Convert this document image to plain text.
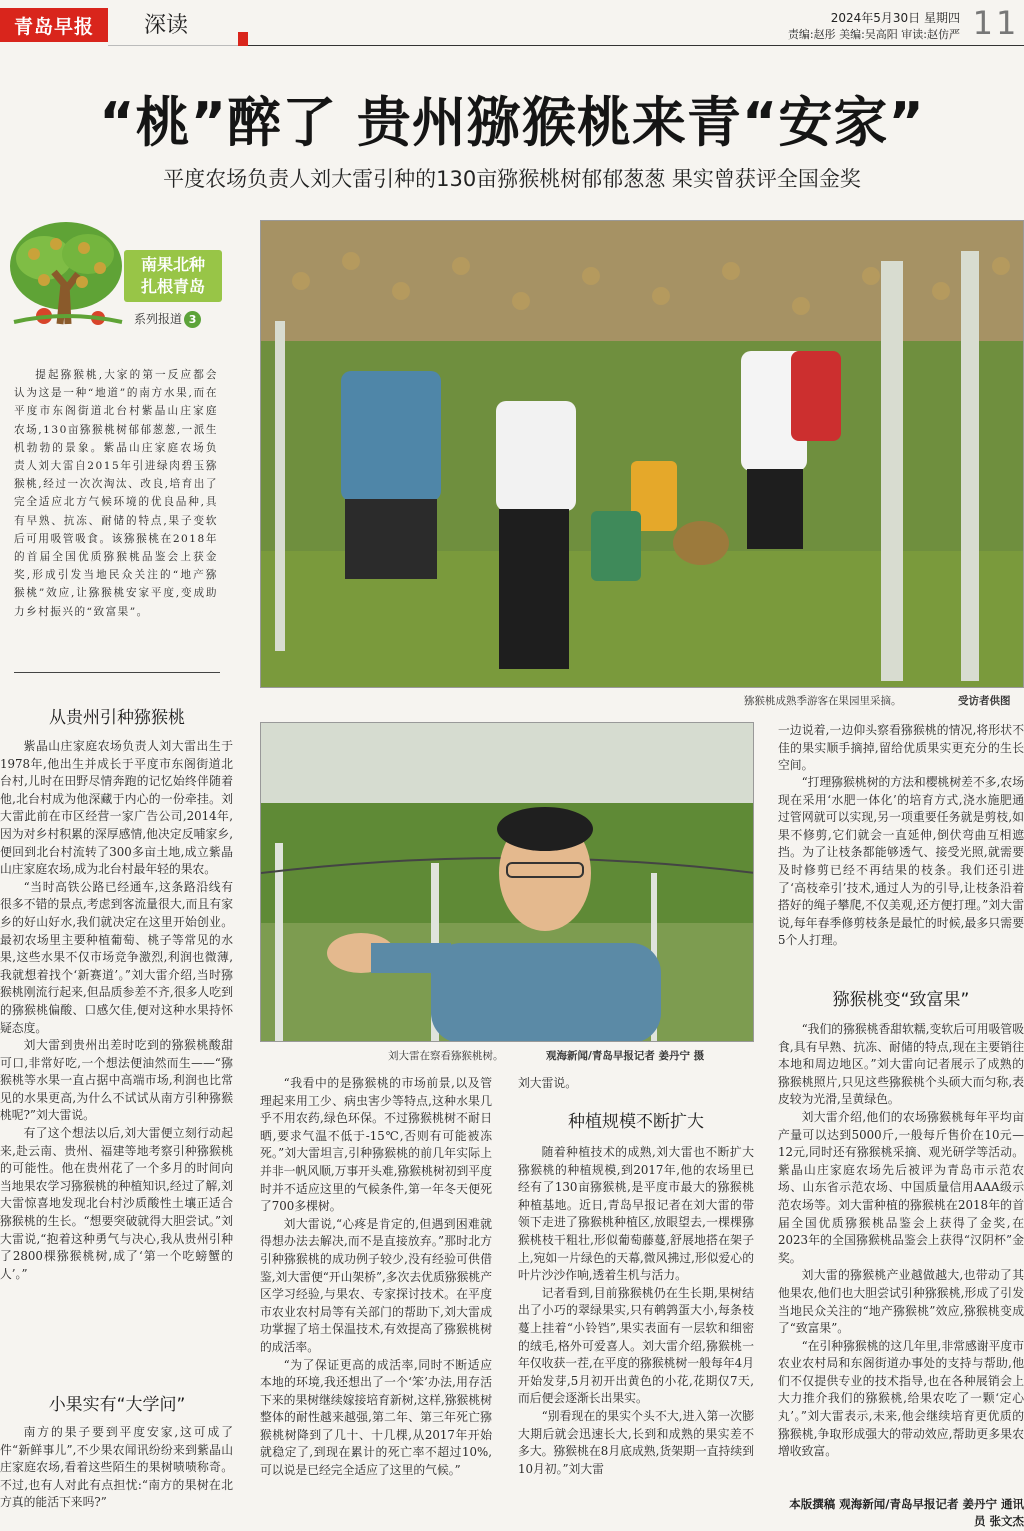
青岛早报	深读	2024年5月30日 星期四
责编:赵彤 美编:吴高阳 审读:赵仿严 11
“桃”醉了 贵州猕猴桃来青“安家”
平度农场负责人刘大雷引种的130亩猕猴桃树郁郁葱葱 果实曾获评全国金奖
南果北种
扎根青岛
系列报道 3
提起猕猴桃,大家的第一反应都会认为这是一种“地道”的南方水果,而在平度市东阁街道北台村紫晶山庄家庭农场,130亩猕猴桃树郁郁葱葱,一派生机勃勃的景象。紫晶山庄家庭农场负责人刘大雷自2015年引进绿肉碧玉猕猴桃,经过一次次淘汰、改良,培育出了完全适应北方气候环境的优良品种,具有早熟、抗冻、耐储的特点,果子变软后可用吸管吸食。该猕猴桃在2018年的首届全国优质猕猴桃品鉴会上获金奖,形成引发当地民众关注的“地产猕猴桃”效应,让猕猴桃安家平度,变成助力乡村振兴的“致富果”。
猕猴桃成熟季游客在果园里采摘。	受访者供图
刘大雷在察看猕猴桃树。	观海新闻/青岛早报记者 姜丹宁 摄
从贵州引种猕猴桃

紫晶山庄家庭农场负责人刘大雷出生于1978年,他出生并成长于平度市东阁街道北台村,儿时在田野尽情奔跑的记忆始终伴随着他,北台村成为他深藏于内心的一份牵挂。刘大雷此前在市区经营一家广告公司,2014年,因为对乡村积累的深厚感情,他决定反哺家乡,便回到北台村流转了300多亩土地,成立紫晶山庄家庭农场,成为北台村最年轻的果农。

“当时高铁公路已经通车,这条路沿线有很多不错的景点,考虑到客流量很大,而且有家乡的好山好水,我们就决定在这里开始创业。最初农场里主要种植葡萄、桃子等常见的水果,这些水果不仅市场竞争激烈,利润也微薄,我就想着找个‘新赛道’。”刘大雷介绍,当时猕猴桃刚流行起来,但品质参差不齐,很多人吃到的猕猴桃偏酸、口感欠佳,便对这种水果持怀疑态度。

刘大雷到贵州出差时吃到的猕猴桃酸甜可口,非常好吃,一个想法便油然而生——“猕猴桃等水果一直占据中高端市场,利润也比常见的水果更高,为什么不试试从南方引种猕猴桃呢?”刘大雷说。

有了这个想法以后,刘大雷便立刻行动起来,赴云南、贵州、福建等地考察引种猕猴桃的可能性。他在贵州花了一个多月的时间向当地果农学习猕猴桃的种植知识,经过了解,刘大雷惊喜地发现北台村沙质酸性土壤正适合猕猴桃的生长。“想要突破就得大胆尝试。”刘大雷说,“抱着这种勇气与决心,我从贵州引种了2800棵猕猴桃树,成了‘第一个吃螃蟹的人’。”

小果实有“大学问”

南方的果子要到平度安家,这可成了件“新鲜事儿”,不少果农闻讯纷纷来到紫晶山庄家庭农场,看着这些陌生的果树啧啧称奇。不过,也有人对此有点担忧:“南方的果树在北方真的能活下来吗?”

“我看中的是猕猴桃的市场前景,以及管理起来用工少、病虫害少等特点,这种水果几乎不用农药,绿色环保。不过猕猴桃树不耐日晒,要求气温不低于-15℃,否则有可能被冻死。”刘大雷坦言,引种猕猴桃的前几年实际上并非一帆风顺,万事开头难,猕猴桃树初到平度时并不适应这里的气候条件,第一年冬天便死了700多棵树。

刘大雷说,“心疼是肯定的,但遇到困难就得想办法去解决,而不是直接放弃。”那时北方引种猕猴桃的成功例子较少,没有经验可供借鉴,刘大雷便“开山架桥”,多次去优质猕猴桃产区学习经验,与果农、专家探讨技术。在平度市农业农村局等有关部门的帮助下,刘大雷成功掌握了培土保温技术,有效提高了猕猴桃树的成活率。

“为了保证更高的成活率,同时不断适应本地的环境,我还想出了一个‘笨’办法,用存活下来的果树继续嫁接培育新树,这样,猕猴桃树整体的耐性越来越强,第二年、第三年死亡猕猴桃树降到了几十、十几棵,从2017年开始就稳定了,到现在累计的死亡率不超过10%,可以说是已经完全适应了这里的气候。”

刘大雷说。

种植规模不断扩大

随着种植技术的成熟,刘大雷也不断扩大猕猴桃的种植规模,到2017年,他的农场里已经有了130亩猕猴桃,是平度市最大的猕猴桃种植基地。近日,青岛早报记者在刘大雷的带领下走进了猕猴桃种植区,放眼望去,一棵棵猕猴桃枝干粗壮,形似葡萄藤蔓,舒展地搭在架子上,宛如一片绿色的天幕,微风拂过,形似爱心的叶片沙沙作响,透着生机与活力。

记者看到,目前猕猴桃仍在生长期,果树结出了小巧的翠绿果实,只有鹌鹑蛋大小,每条枝蔓上挂着“小铃铛”,果实表面有一层软和细密的绒毛,格外可爱喜人。刘大雷介绍,猕猴桃一年仅收获一茬,在平度的猕猴桃树一般每年4月开始发芽,5月初开出黄色的小花,花期仅7天,而后便会逐渐长出果实。

“别看现在的果实个头不大,进入第一次膨大期后就会迅速长大,长到和成熟的果实差不多大。猕猴桃在8月底成熟,货架期一直持续到10月初。”刘大雷

一边说着,一边仰头察看猕猴桃的情况,将形状不佳的果实顺手摘掉,留给优质果实更充分的生长空间。

“打理猕猴桃树的方法和樱桃树差不多,农场现在采用‘水肥一体化’的培育方式,浇水施肥通过管网就可以实现,另一项重要任务就是剪枝,如果不修剪,它们就会一直延伸,倒伏弯曲互相遮挡。为了让枝条都能够透气、接受光照,就需要及时修剪已经不再结果的枝条。我们还引进了‘高枝牵引’技术,通过人为的引导,让枝条沿着搭好的绳子攀爬,不仅美观,还方便打理。”刘大雷说,每年春季修剪枝条是最忙的时候,最多只需要5个人打理。

猕猴桃变“致富果”

“我们的猕猴桃香甜软糯,变软后可用吸管吸食,具有早熟、抗冻、耐储的特点,现在主要销往本地和周边地区。”刘大雷向记者展示了成熟的猕猴桃照片,只见这些猕猴桃个头硕大而匀称,表皮较为光滑,呈黄绿色。

刘大雷介绍,他们的农场猕猴桃每年平均亩产量可以达到5000斤,一般每斤售价在10元—12元,同时还有猕猴桃采摘、观光研学等活动。紫晶山庄家庭农场先后被评为青岛市示范农场、山东省示范农场、中国质量信用AAA级示范农场等。刘大雷种植的猕猴桃在2018年的首届全国优质猕猴桃品鉴会上获得了金奖,在2023年的全国猕猴桃品鉴会上获得“汉阴杯”金奖。

刘大雷的猕猴桃产业越做越大,也带动了其他果农,他们也大胆尝试引种猕猴桃,形成了引发当地民众关注的“地产猕猴桃”效应,猕猴桃变成了“致富果”。

“在引种猕猴桃的这几年里,非常感谢平度市农业农村局和东阁街道办事处的支持与帮助,他们不仅提供专业的技术指导,也在各种展销会上大力推介我们的猕猴桃,给果农吃了一颗‘定心丸’。”刘大雷表示,未来,他会继续培育更优质的猕猴桃,争取形成强大的带动效应,帮助更多果农增收致富。

本版撰稿 观海新闻/青岛早报记者 姜丹宁 通讯员 张文杰
